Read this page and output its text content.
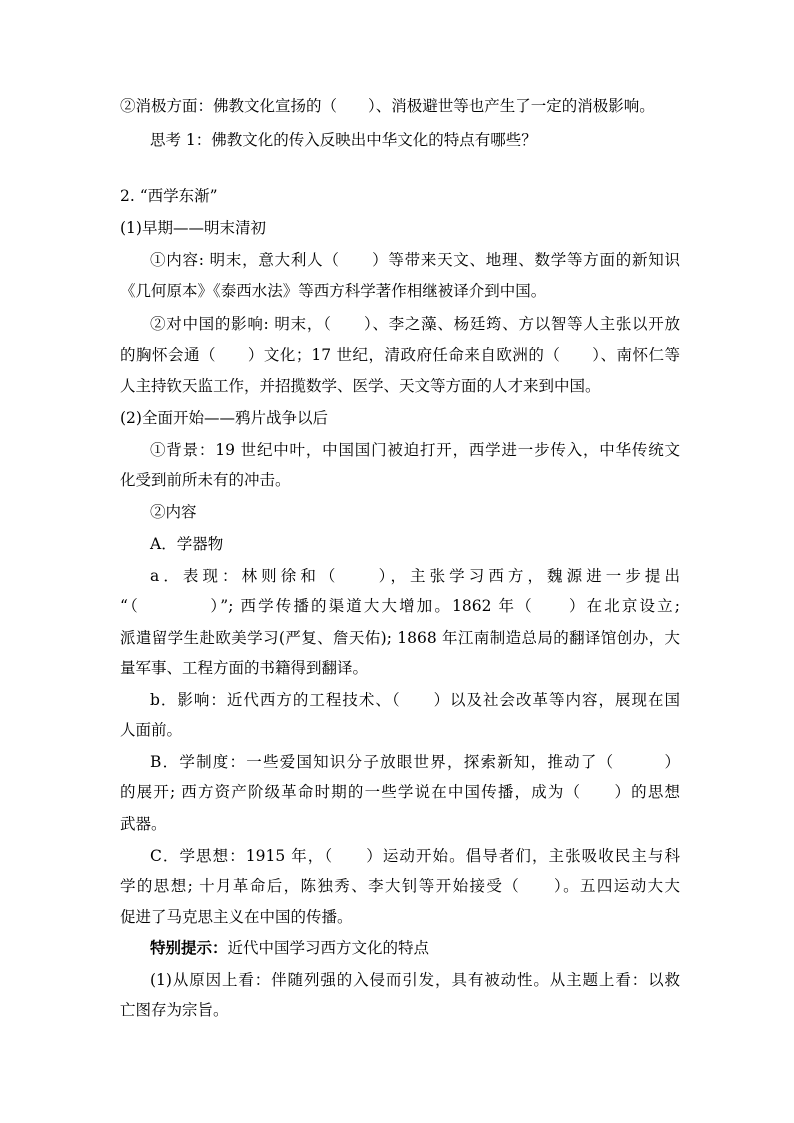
②消极方面：佛教文化宣扬的（　　）、消极避世等也产生了一定的消极影响。
思考 1：佛教文化的传入反映出中华文化的特点有哪些？
2. “西学东渐”
(1)早期——明末清初
①内容: 明末，意大利人（　　）等带来天文、地理、数学等方面的新知识
《几何原本》《泰西水法》等西方科学著作相继被译介到中国。
②对中国的影响: 明末，（　　）、李之藻、杨廷筠、方以智等人主张以开放
的胸怀会通（　　）文化；17 世纪，清政府任命来自欧洲的（　　）、南怀仁等
人主持钦天监工作，并招揽数学、医学、天文等方面的人才来到中国。
(2)全面开始——鸦片战争以后
①背景：19 世纪中叶，中国国门被迫打开，西学进一步传入，中华传统文
化受到前所未有的冲击。
②内容
A．学器物
a．表现：林则徐和（　　），主张学习西方，魏源进一步提出
“（　　　　）”; 西学传播的渠道大大增加。1862 年（　　）在北京设立;
派遣留学生赴欧美学习(严复、詹天佑); 1868 年江南制造总局的翻译馆创办，大
量军事、工程方面的书籍得到翻译。
b．影响：近代西方的工程技术、（　　）以及社会改革等内容，展现在国
人面前。
B．学制度：一些爱国知识分子放眼世界，探索新知，推动了（　　　）
的展开; 西方资产阶级革命时期的一些学说在中国传播，成为（　　）的思想
武器。
C．学思想：1915 年，（　　）运动开始。倡导者们，主张吸收民主与科
学的思想; 十月革命后，陈独秀、李大钊等开始接受（　　）。五四运动大大
促进了马克思主义在中国的传播。
特别提示：近代中国学习西方文化的特点
(1)从原因上看：伴随列强的入侵而引发，具有被动性。从主题上看：以救
亡图存为宗旨。
